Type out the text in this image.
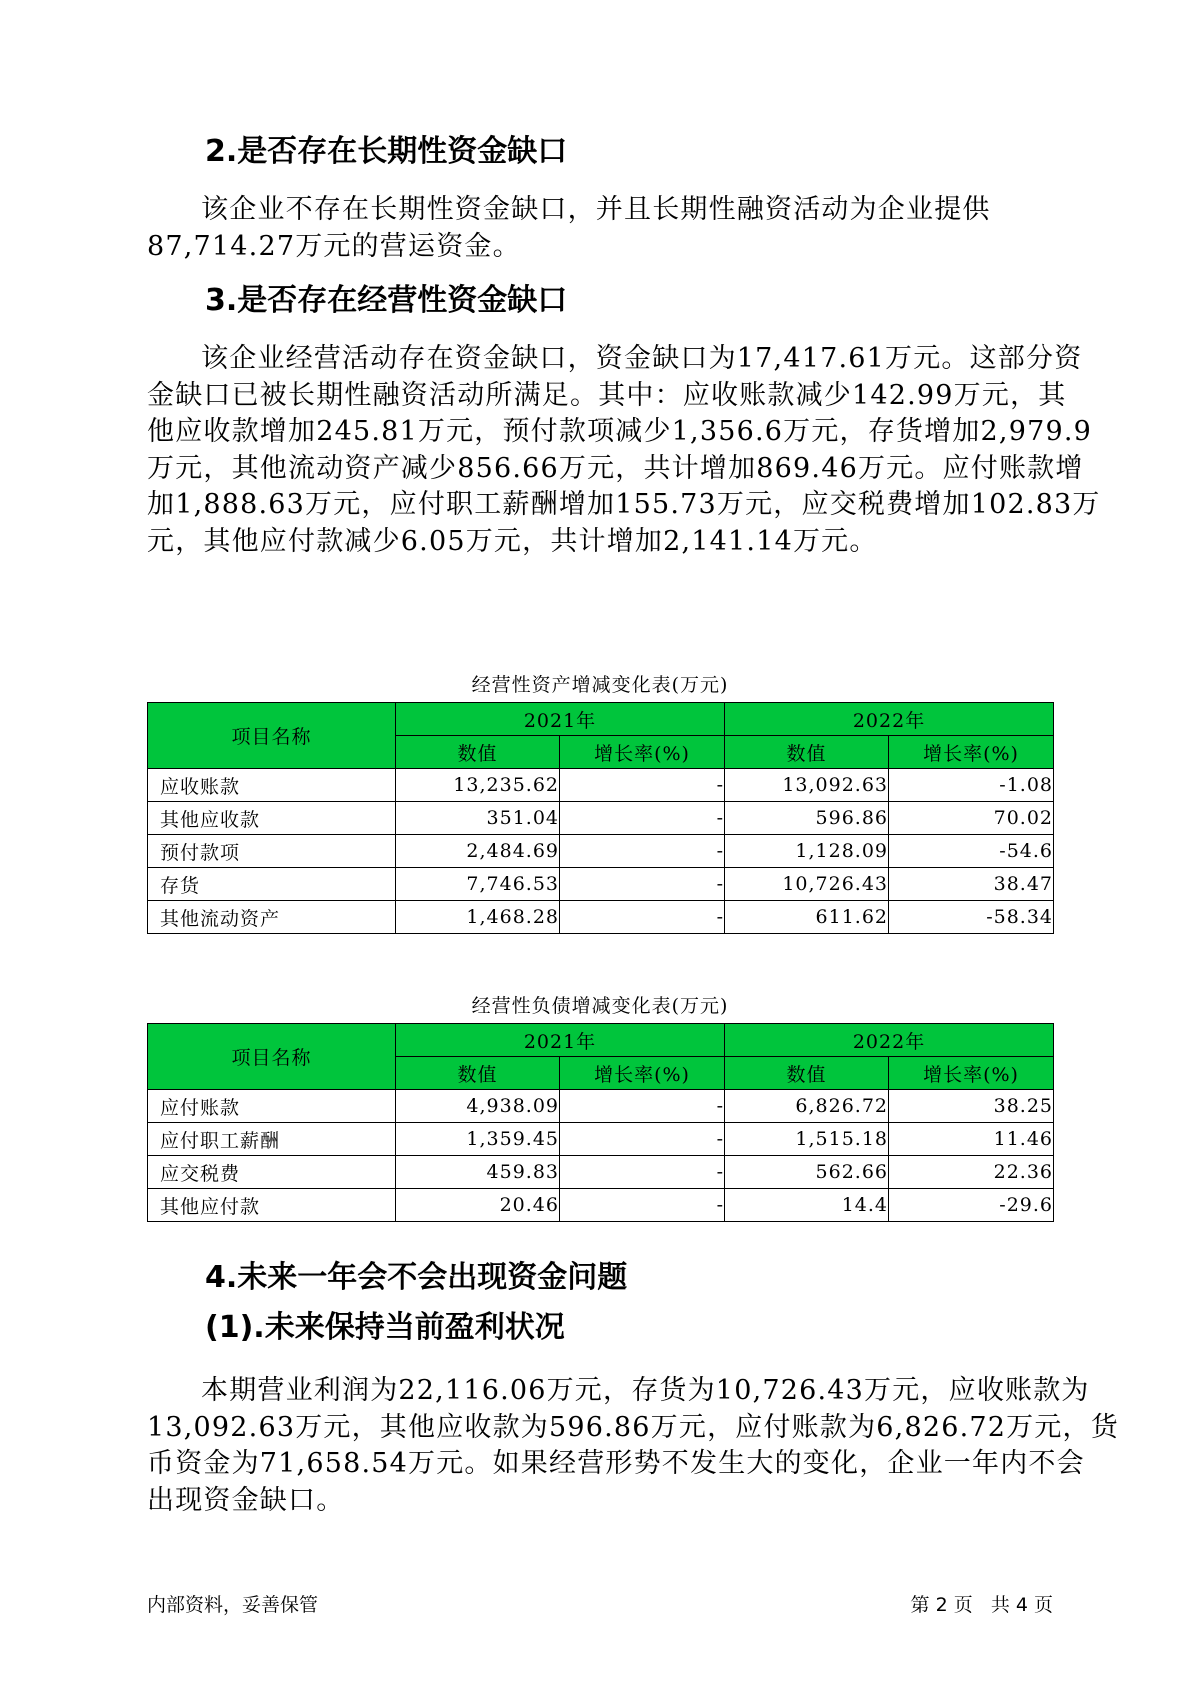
2.是否存在长期性资金缺口

该企业不存在长期性资金缺口，并且长期性融资活动为企业提供
87,714.27万元的营运资金。

3.是否存在经营性资金缺口

该企业经营活动存在资金缺口，资金缺口为17,417.61万元。这部分资
金缺口已被长期性融资活动所满足。其中：应收账款减少142.99万元，其
他应收款增加245.81万元，预付款项减少1,356.6万元，存货增加2,979.9
万元，其他流动资产减少856.66万元，共计增加869.46万元。应付账款增
加1,888.63万元，应付职工薪酬增加155.73万元，应交税费增加102.83万
元，其他应付款减少6.05万元，共计增加2,141.14万元。

经营性资产增减变化表(万元)
项目名称	2021年		2022年	
	数值	增长率(%)	数值	增长率(%)
应收账款	13,235.62	-	13,092.63	-1.08
其他应收款	351.04	-	596.86	70.02
预付款项	2,484.69	-	1,128.09	-54.6
存货	7,746.53	-	10,726.43	38.47
其他流动资产	1,468.28	-	611.62	-58.34
经营性负债增减变化表(万元)
项目名称	2021年		2022年	
	数值	增长率(%)	数值	增长率(%)
应付账款	4,938.09	-	6,826.72	38.25
应付职工薪酬	1,359.45	-	1,515.18	11.46
应交税费	459.83	-	562.66	22.36
其他应付款	20.46	-	14.4	-29.6
4.未来一年会不会出现资金问题
(1).未来保持当前盈利状况

本期营业利润为22,116.06万元，存货为10,726.43万元，应收账款为
13,092.63万元，其他应收款为596.86万元，应付账款为6,826.72万元，货
币资金为71,658.54万元。如果经营形势不发生大的变化，企业一年内不会
出现资金缺口。

内部资料，妥善保管	第 2 页   共 4 页
